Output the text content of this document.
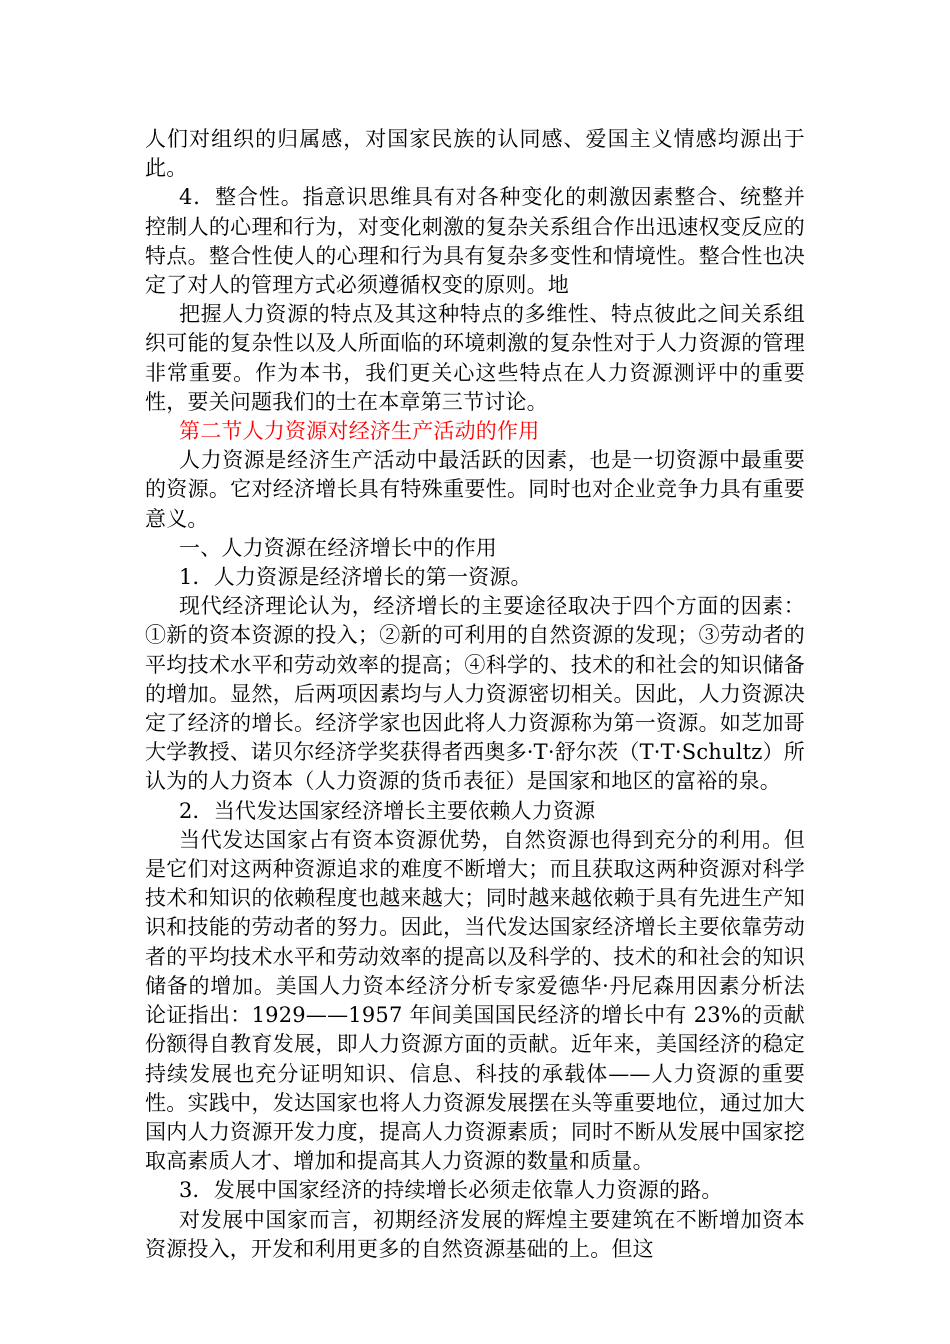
人们对组织的归属感，对国家民族的认同感、爱国主义情感均源出于此。

4．整合性。指意识思维具有对各种变化的刺激因素整合、统整并控制人的心理和行为，对变化刺激的复杂关系组合作出迅速权变反应的特点。整合性使人的心理和行为具有复杂多变性和情境性。整合性也决定了对人的管理方式必须遵循权变的原则。地

把握人力资源的特点及其这种特点的多维性、特点彼此之间关系组织可能的复杂性以及人所面临的环境刺激的复杂性对于人力资源的管理非常重要。作为本书，我们更关心这些特点在人力资源测评中的重要性，要关问题我们的士在本章第三节讨论。

第二节人力资源对经济生产活动的作用

人力资源是经济生产活动中最活跃的因素，也是一切资源中最重要的资源。它对经济增长具有特殊重要性。同时也对企业竞争力具有重要意义。

一、人力资源在经济增长中的作用

1．人力资源是经济增长的第一资源。

现代经济理论认为，经济增长的主要途径取决于四个方面的因素：①新的资本资源的投入；②新的可利用的自然资源的发现；③劳动者的平均技术水平和劳动效率的提高；④科学的、技术的和社会的知识储备的增加。显然，后两项因素均与人力资源密切相关。因此，人力资源决定了经济的增长。经济学家也因此将人力资源称为第一资源。如芝加哥大学教授、诺贝尔经济学奖获得者西奥多·T·舒尔茨（T·T·Schultz）所认为的人力资本（人力资源的货币表征）是国家和地区的富裕的泉。

2．当代发达国家经济增长主要依赖人力资源

当代发达国家占有资本资源优势，自然资源也得到充分的利用。但是它们对这两种资源追求的难度不断增大；而且获取这两种资源对科学技术和知识的依赖程度也越来越大；同时越来越依赖于具有先进生产知识和技能的劳动者的努力。因此，当代发达国家经济增长主要依靠劳动者的平均技术水平和劳动效率的提高以及科学的、技术的和社会的知识储备的增加。美国人力资本经济分析专家爱德华·丹尼森用因素分析法论证指出：1929——1957 年间美国国民经济的增长中有 23%的贡献份额得自教育发展，即人力资源方面的贡献。近年来，美国经济的稳定持续发展也充分证明知识、信息、科技的承载体——人力资源的重要性。实践中，发达国家也将人力资源发展摆在头等重要地位，通过加大国内人力资源开发力度，提高人力资源素质；同时不断从发展中国家挖取高素质人才、增加和提高其人力资源的数量和质量。

3．发展中国家经济的持续增长必须走依靠人力资源的路。

对发展中国家而言，初期经济发展的辉煌主要建筑在不断增加资本资源投入，开发和利用更多的自然资源基础的上。但这
